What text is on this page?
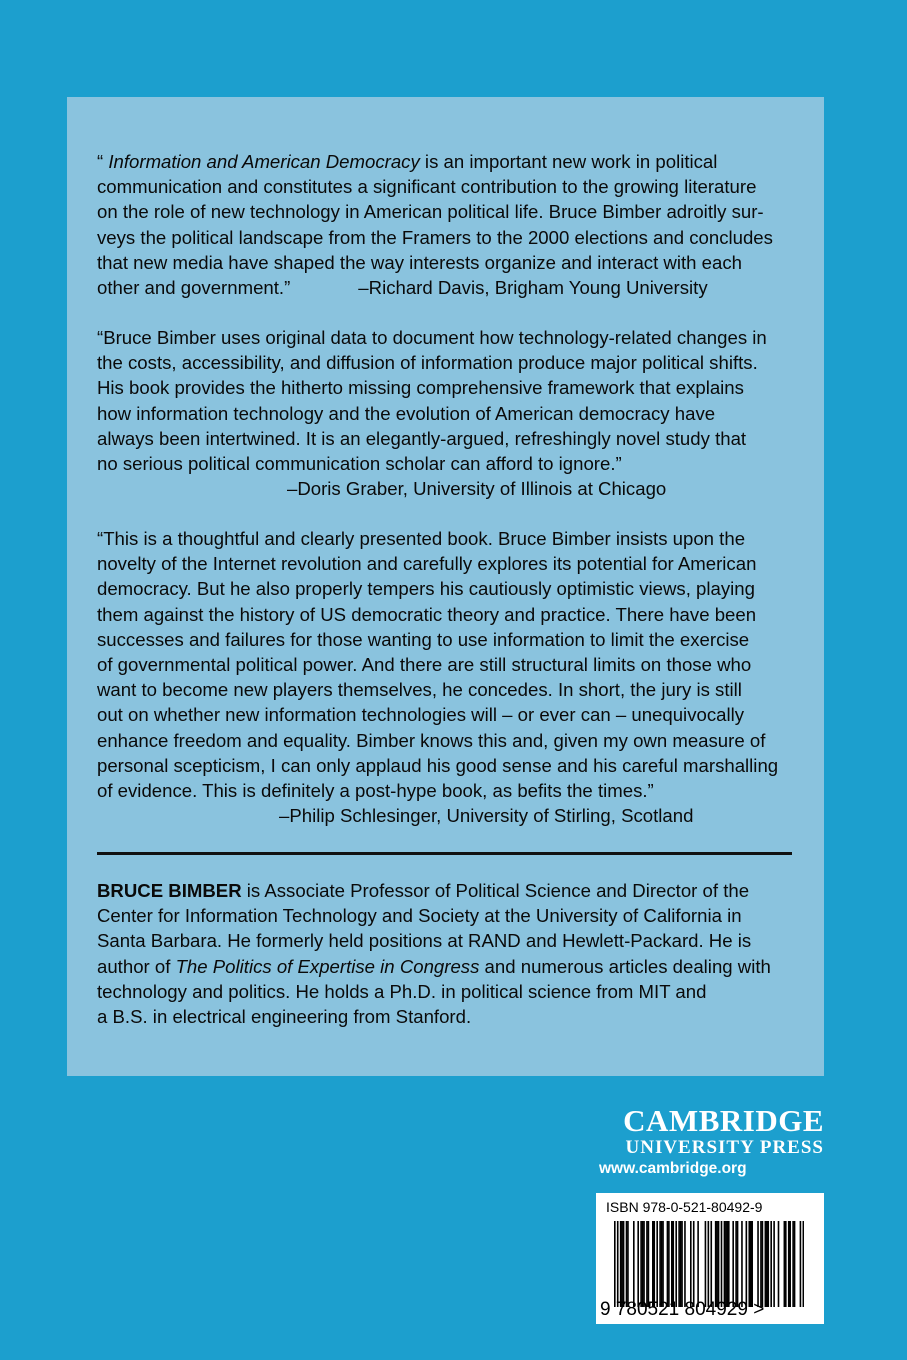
“ Information and American Democracy is an important new work in political
communication and constitutes a significant contribution to the growing literature
on the role of new technology in American political life. Bruce Bimber adroitly sur-
veys the political landscape from the Framers to the 2000 elections and concludes
that new media have shaped the way interests organize and interact with each
other and government.”	–Richard Davis, Brigham Young University
“Bruce Bimber uses original data to document how technology-related changes in
the costs, accessibility, and diffusion of information produce major political shifts.
His book provides the hitherto missing comprehensive framework that explains
how information technology and the evolution of American democracy have
always been intertwined. It is an elegantly-argued, refreshingly novel study that
no serious political communication scholar can afford to ignore.”
–Doris Graber, University of Illinois at Chicago
“This is a thoughtful and clearly presented book. Bruce Bimber insists upon the
novelty of the Internet revolution and carefully explores its potential for American
democracy. But he also properly tempers his cautiously optimistic views, playing
them against the history of US democratic theory and practice. There have been
successes and failures for those wanting to use information to limit the exercise
of governmental political power. And there are still structural limits on those who
want to become new players themselves, he concedes. In short, the jury is still
out on whether new information technologies will – or ever can – unequivocally
enhance freedom and equality. Bimber knows this and, given my own measure of
personal scepticism, I can only applaud his good sense and his careful marshalling
of evidence. This is definitely a post-hype book, as befits the times.”
–Philip Schlesinger, University of Stirling, Scotland
BRUCE BIMBER is Associate Professor of Political Science and Director of the
Center for Information Technology and Society at the University of California in
Santa Barbara. He formerly held positions at RAND and Hewlett-Packard. He is
author of The Politics of Expertise in Congress and numerous articles dealing with
technology and politics. He holds a Ph.D. in political science from MIT and
a B.S. in electrical engineering from Stanford.
CAMBRIDGE
UNIVERSITY PRESS
www.cambridge.org
ISBN 978-0-521-80492-9
9 780521 804929 >
